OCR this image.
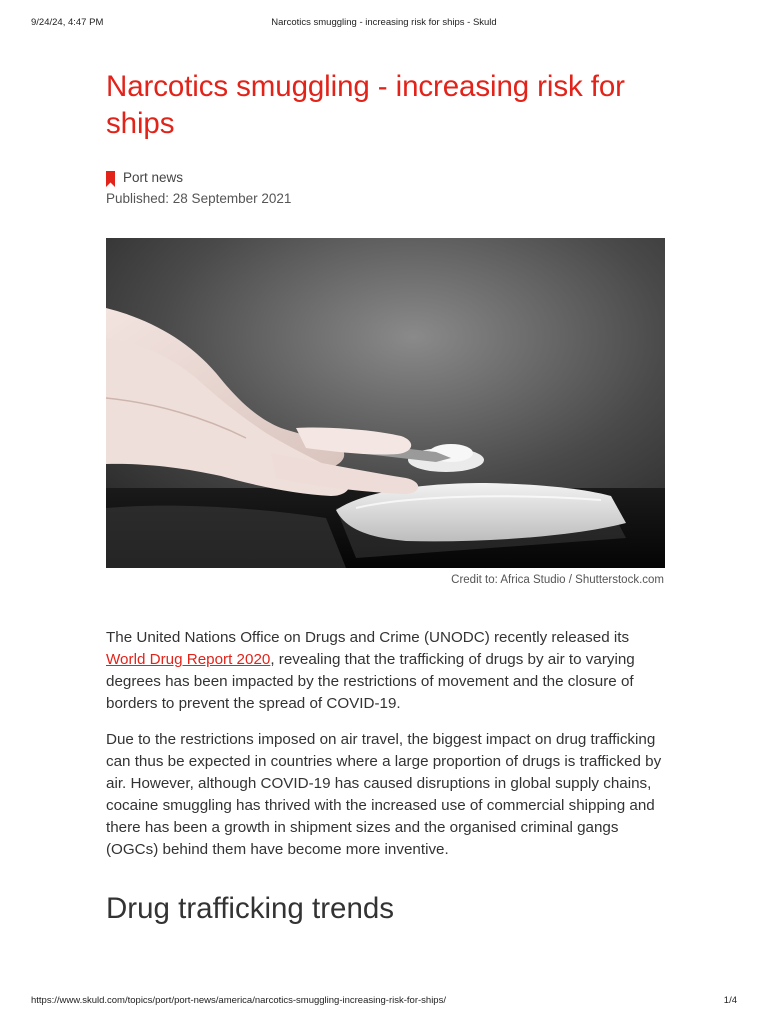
9/24/24, 4:47 PM	Narcotics smuggling - increasing risk for ships - Skuld
Narcotics smuggling - increasing risk for ships
Port news
Published: 28 September 2021
Credit to: Africa Studio / Shutterstock.com

The United Nations Office on Drugs and Crime (UNODC) recently released its World Drug Report 2020, revealing that the trafficking of drugs by air to varying degrees has been impacted by the restrictions of movement and the closure of borders to prevent the spread of COVID-19.

Due to the restrictions imposed on air travel, the biggest impact on drug trafficking can thus be expected in countries where a large proportion of drugs is trafficked by air. However, although COVID-19 has caused disruptions in global supply chains, cocaine smuggling has thrived with the increased use of commercial shipping and there has been a growth in shipment sizes and the organised criminal gangs (OGCs) behind them have become more inventive.

Drug trafficking trends
https://www.skuld.com/topics/port/port-news/america/narcotics-smuggling-increasing-risk-for-ships/	1/4
